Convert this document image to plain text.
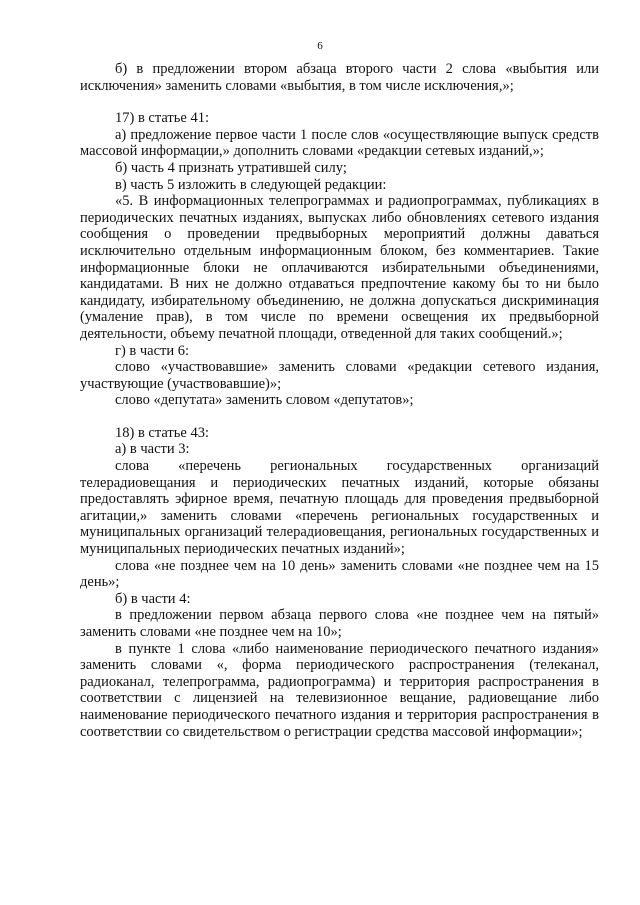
6

б) в предложении втором абзаца второго части 2 слова «выбытия или исключения» заменить словами «выбытия, в том числе исключения,»;

17) в статье 41:

а) предложение первое части 1 после слов «осуществляющие выпуск средств массовой информации,» дополнить словами «редакции сетевых изданий,»;

б) часть 4 признать утратившей силу;

в) часть 5 изложить в следующей редакции:

«5. В информационных телепрограммах и радиопрограммах, публикациях в периодических печатных изданиях, выпусках либо обновлениях сетевого издания сообщения о проведении предвыборных мероприятий должны даваться исключительно отдельным информационным блоком, без комментариев. Такие информационные блоки не оплачиваются избирательными объединениями, кандидатами. В них не должно отдаваться предпочтение какому бы то ни было кандидату, избирательному объединению, не должна допускаться дискриминация (умаление прав), в том числе по времени освещения их предвыборной деятельности, объему печатной площади, отведенной для таких сообщений.»;

г) в части 6:

слово «участвовавшие» заменить словами «редакции сетевого издания, участвующие (участвовавшие)»;

слово «депутата» заменить словом «депутатов»;

18) в статье 43:

а) в части 3:

слова «перечень региональных государственных организаций телерадиовещания и периодических печатных изданий, которые обязаны предоставлять эфирное время, печатную площадь для проведения предвыборной агитации,» заменить словами «перечень региональных государственных и муниципальных организаций телерадиовещания, региональных государственных и муниципальных периодических печатных изданий»;

слова «не позднее чем на 10 день» заменить словами «не позднее чем на 15 день»;

б) в части 4:

в предложении первом абзаца первого слова «не позднее чем на пятый» заменить словами «не позднее чем на 10»;

в пункте 1 слова «либо наименование периодического печатного издания» заменить словами «, форма периодического распространения (телеканал, радиоканал, телепрограмма, радиопрограмма) и территория распространения в соответствии с лицензией на телевизионное вещание, радиовещание либо наименование периодического печатного издания и территория распространения в соответствии со свидетельством о регистрации средства массовой информации»;
